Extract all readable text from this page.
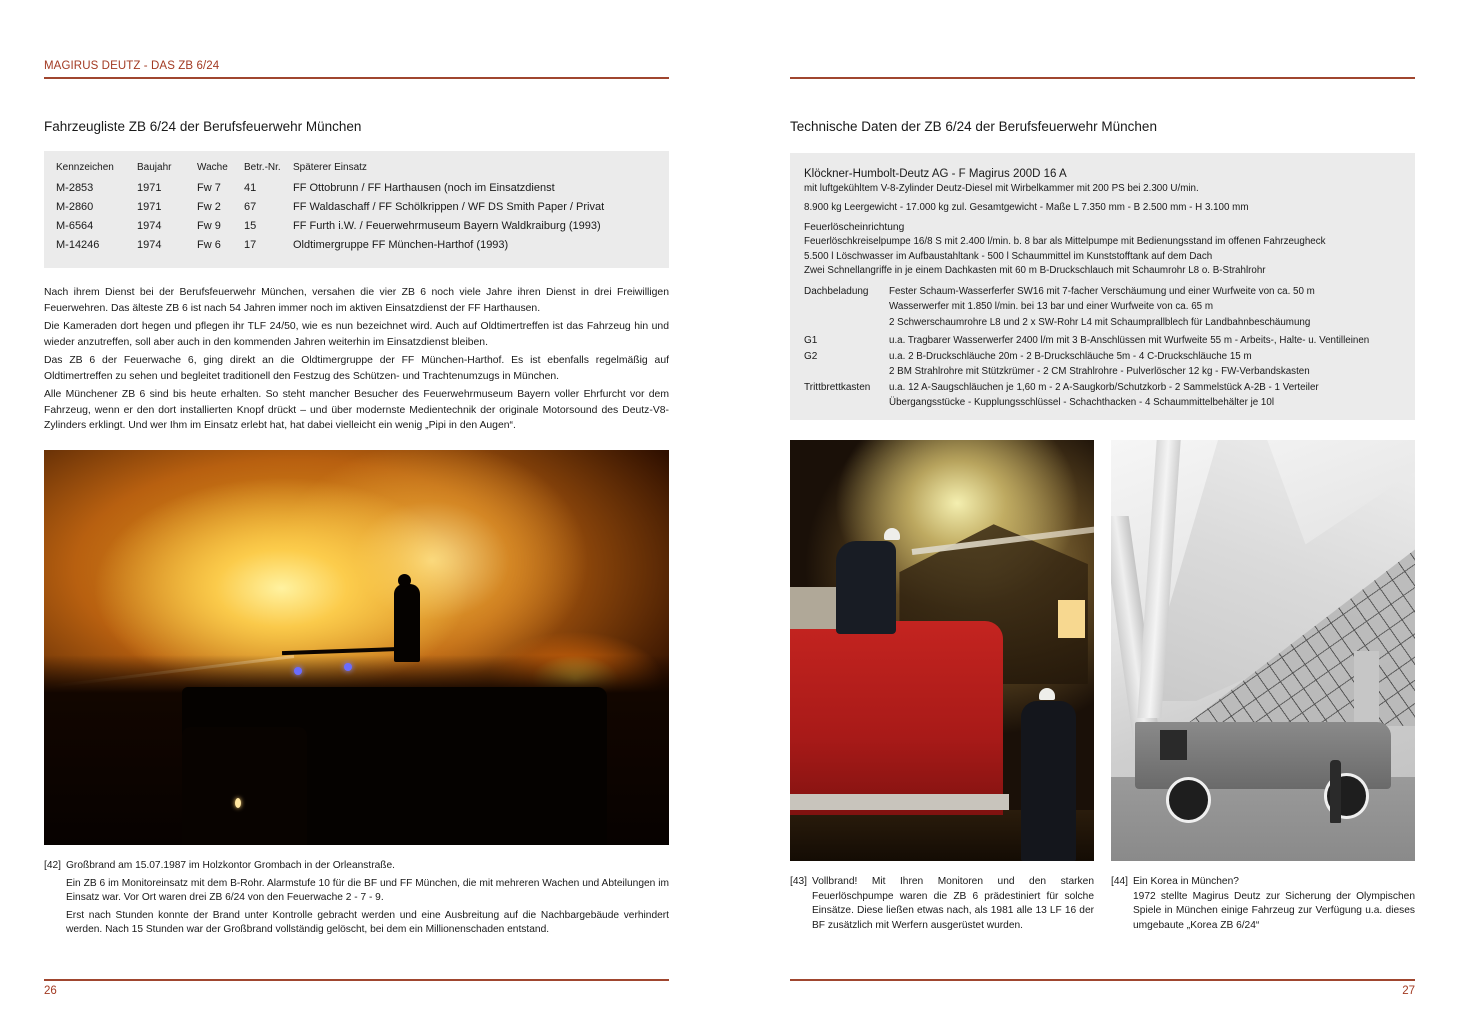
MAGIRUS DEUTZ - DAS ZB 6/24
Fahrzeugliste ZB 6/24 der Berufsfeuerwehr München
Kennzeichen	Baujahr	Wache	Betr.-Nr.	Späterer Einsatz
M-2853	1971	Fw 7	41	FF Ottobrunn / FF Harthausen (noch im Einsatzdienst
M-2860	1971	Fw 2	67	FF Waldaschaff / FF Schölkrippen / WF DS Smith Paper / Privat
M-6564	1974	Fw 9	15	FF Furth i.W. / Feuerwehrmuseum Bayern Waldkraiburg (1993)
M-14246	1974	Fw 6	17	Oldtimergruppe FF München-Harthof (1993)

Nach ihrem Dienst bei der Berufsfeuerwehr München, versahen die vier ZB 6 noch viele Jahre ihren Dienst in drei Freiwilligen Feuerwehren. Das älteste ZB 6 ist nach 54 Jahren immer noch im aktiven Einsatzdienst der FF Harthausen.

Die Kameraden dort hegen und pflegen ihr TLF 24/50, wie es nun bezeichnet wird. Auch auf Oldtimertreffen ist das Fahrzeug hin und wieder anzutreffen, soll aber auch in den kommenden Jahren weiterhin im Einsatzdienst bleiben.

Das ZB 6 der Feuerwache 6, ging direkt an die Oldtimergruppe der FF München-Harthof. Es ist ebenfalls regelmäßig auf Oldtimertreffen zu sehen und begleitet traditionell den Festzug des Schützen- und Trachtenumzugs in München.

Alle Münchener ZB 6 sind bis heute erhalten. So steht mancher Besucher des Feuerwehrmuseum Bayern voller Ehrfurcht vor dem Fahrzeug, wenn er den dort installierten Knopf drückt – und über modernste Medientechnik der originale Motorsound des Deutz-V8-Zylinders erklingt. Und wer Ihm im Einsatz erlebt hat, hat dabei vielleicht ein wenig „Pipi in den Augen“.

[42] Großbrand am 15.07.1987 im Holzkontor Grombach in der Orleanstraße.
Ein ZB 6 im Monitoreinsatz mit dem B-Rohr. Alarmstufe 10 für die BF und FF München, die mit mehreren Wachen und Abteilungen im Einsatz war. Vor Ort waren drei ZB 6/24 von den Feuerwache 2 - 7 - 9.
Erst nach Stunden konnte der Brand unter Kontrolle gebracht werden und eine Ausbreitung auf die Nachbargebäude verhindert werden. Nach 15 Stunden war der Großbrand vollständig gelöscht, bei dem ein Millionenschaden entstand.
26
Technische Daten der ZB 6/24 der Berufsfeuerwehr München
Klöckner-Humbolt-Deutz AG - F Magirus 200D 16 A
mit luftgekühltem V-8-Zylinder Deutz-Diesel mit Wirbelkammer mit 200 PS bei 2.300 U/min.
8.900 kg Leergewicht - 17.000 kg zul. Gesamtgewicht - Maße L 7.350 mm - B 2.500 mm - H 3.100 mm
Feuerlöscheinrichtung
Feuerlöschkreiselpumpe 16/8 S mit 2.400 l/min. b. 8 bar als Mittelpumpe mit Bedienungsstand im offenen Fahrzeugheck
5.500 l Löschwasser im Aufbaustahltank - 500 l Schaummittel im Kunststofftank auf dem Dach
Zwei Schnellangriffe in je einem Dachkasten mit 60 m B-Druckschlauch mit Schaumrohr L8 o. B-Strahlrohr
Dachbeladung	Fester Schaum-Wasserferfer SW16 mit 7-facher Verschäumung und einer Wurfweite von ca. 50 m
Wasserwerfer mit 1.850 l/min. bei 13 bar und einer Wurfweite von ca. 65 m
2 Schwerschaumrohre L8 und 2 x SW-Rohr L4 mit Schaumprallblech für Landbahnbeschäumung
G1	u.a. Tragbarer Wasserwerfer 2400 l/m mit 3 B-Anschlüssen mit Wurfweite 55 m - Arbeits-, Halte- u. Ventilleinen
G2	u.a. 2 B-Druckschläuche 20m - 2 B-Druckschläuche 5m - 4 C-Druckschläuche 15 m
2 BM Strahlrohre mit Stützkrümer - 2 CM Strahlrohre - Pulverlöscher 12 kg - FW-Verbandskasten
Trittbrettkasten	u.a. 12 A-Saugschläuchen je 1,60 m - 2 A-Saugkorb/Schutzkorb - 2 Sammelstück A-2B - 1 Verteiler
Übergangsstücke - Kupplungsschlüssel - Schachthacken - 4 Schaummittelbehälter je 10l
27
[43] Vollbrand! Mit Ihren Monitoren und den starken Feuerlöschpumpe waren die ZB 6 prädestiniert für solche Einsätze. Diese ließen etwas nach, als 1981 alle 13 LF 16 der BF zusätzlich mit Werfern ausgerüstet wurden.
[44] Ein Korea in München?
1972 stellte Magirus Deutz zur Sicherung der Olympischen Spiele in München einige Fahrzeug zur Verfügung u.a. dieses umgebaute „Korea ZB 6/24“
